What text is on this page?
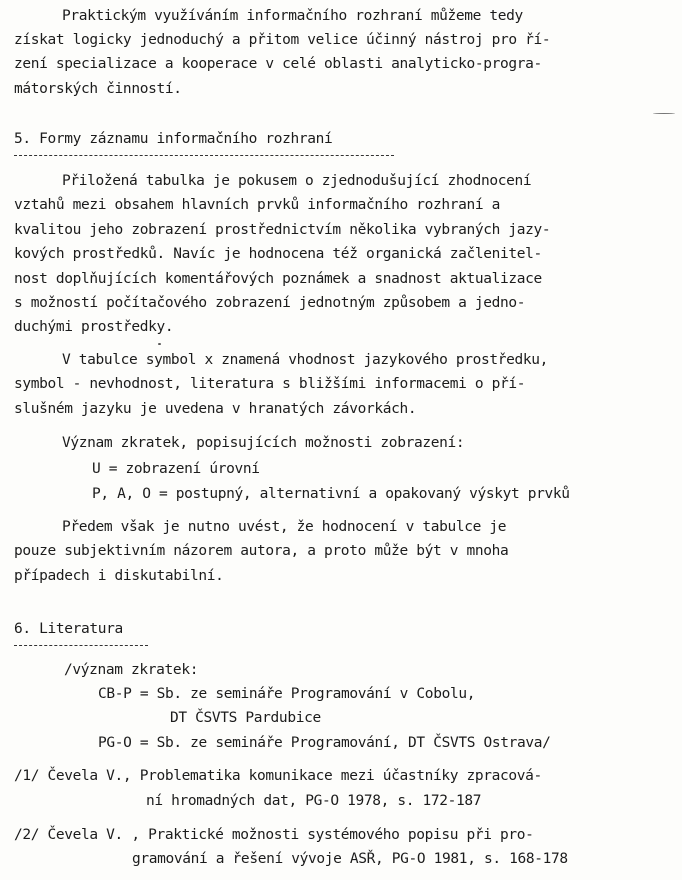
Praktickým využíváním informačního rozhraní můžeme tedy
získat logicky jednoduchý a přitom velice účinný nástroj pro ří-
zení specializace a kooperace v celé oblasti analyticko-progra-
mátorských činností.
5. Formy záznamu informačního rozhraní
Přiložená tabulka je pokusem o zjednodušující zhodnocení
vztahů mezi obsahem hlavních prvků informačního rozhraní a
kvalitou jeho zobrazení prostřednictvím několika vybraných jazy-
kových prostředků. Navíc je hodnocena též organická začlenitel-
nost doplňujících komentářových poznámek a snadnost aktualizace
s možností počítačového zobrazení jednotným způsobem a jedno-
duchými prostředky.
V tabulce symbol x znamená vhodnost jazykového prostředku,
symbol - nevhodnost, literatura s bližšími informacemi o pří-
slušném jazyku je uvedena v hranatých závorkách.
Význam zkratek, popisujících možnosti zobrazení:
U = zobrazení úrovní
P, A, O = postupný, alternativní a opakovaný výskyt prvků
Předem však je nutno uvést, že hodnocení v tabulce je
pouze subjektivním názorem autora, a proto může být v mnoha
případech i diskutabilní.
6. Literatura
/význam zkratek:
CB-P = Sb. ze semináře Programování v Cobolu,
DT ČSVTS Pardubice
PG-O = Sb. ze semináře Programování, DT ČSVTS Ostrava/
/1/ Čevela V., Problematika komunikace mezi účastníky zpracová-
ní hromadných dat, PG-O 1978, s. 172-187
/2/ Čevela V. , Praktické možnosti systémového popisu při pro-
gramování a řešení vývoje ASŘ, PG-O 1981, s. 168-178
